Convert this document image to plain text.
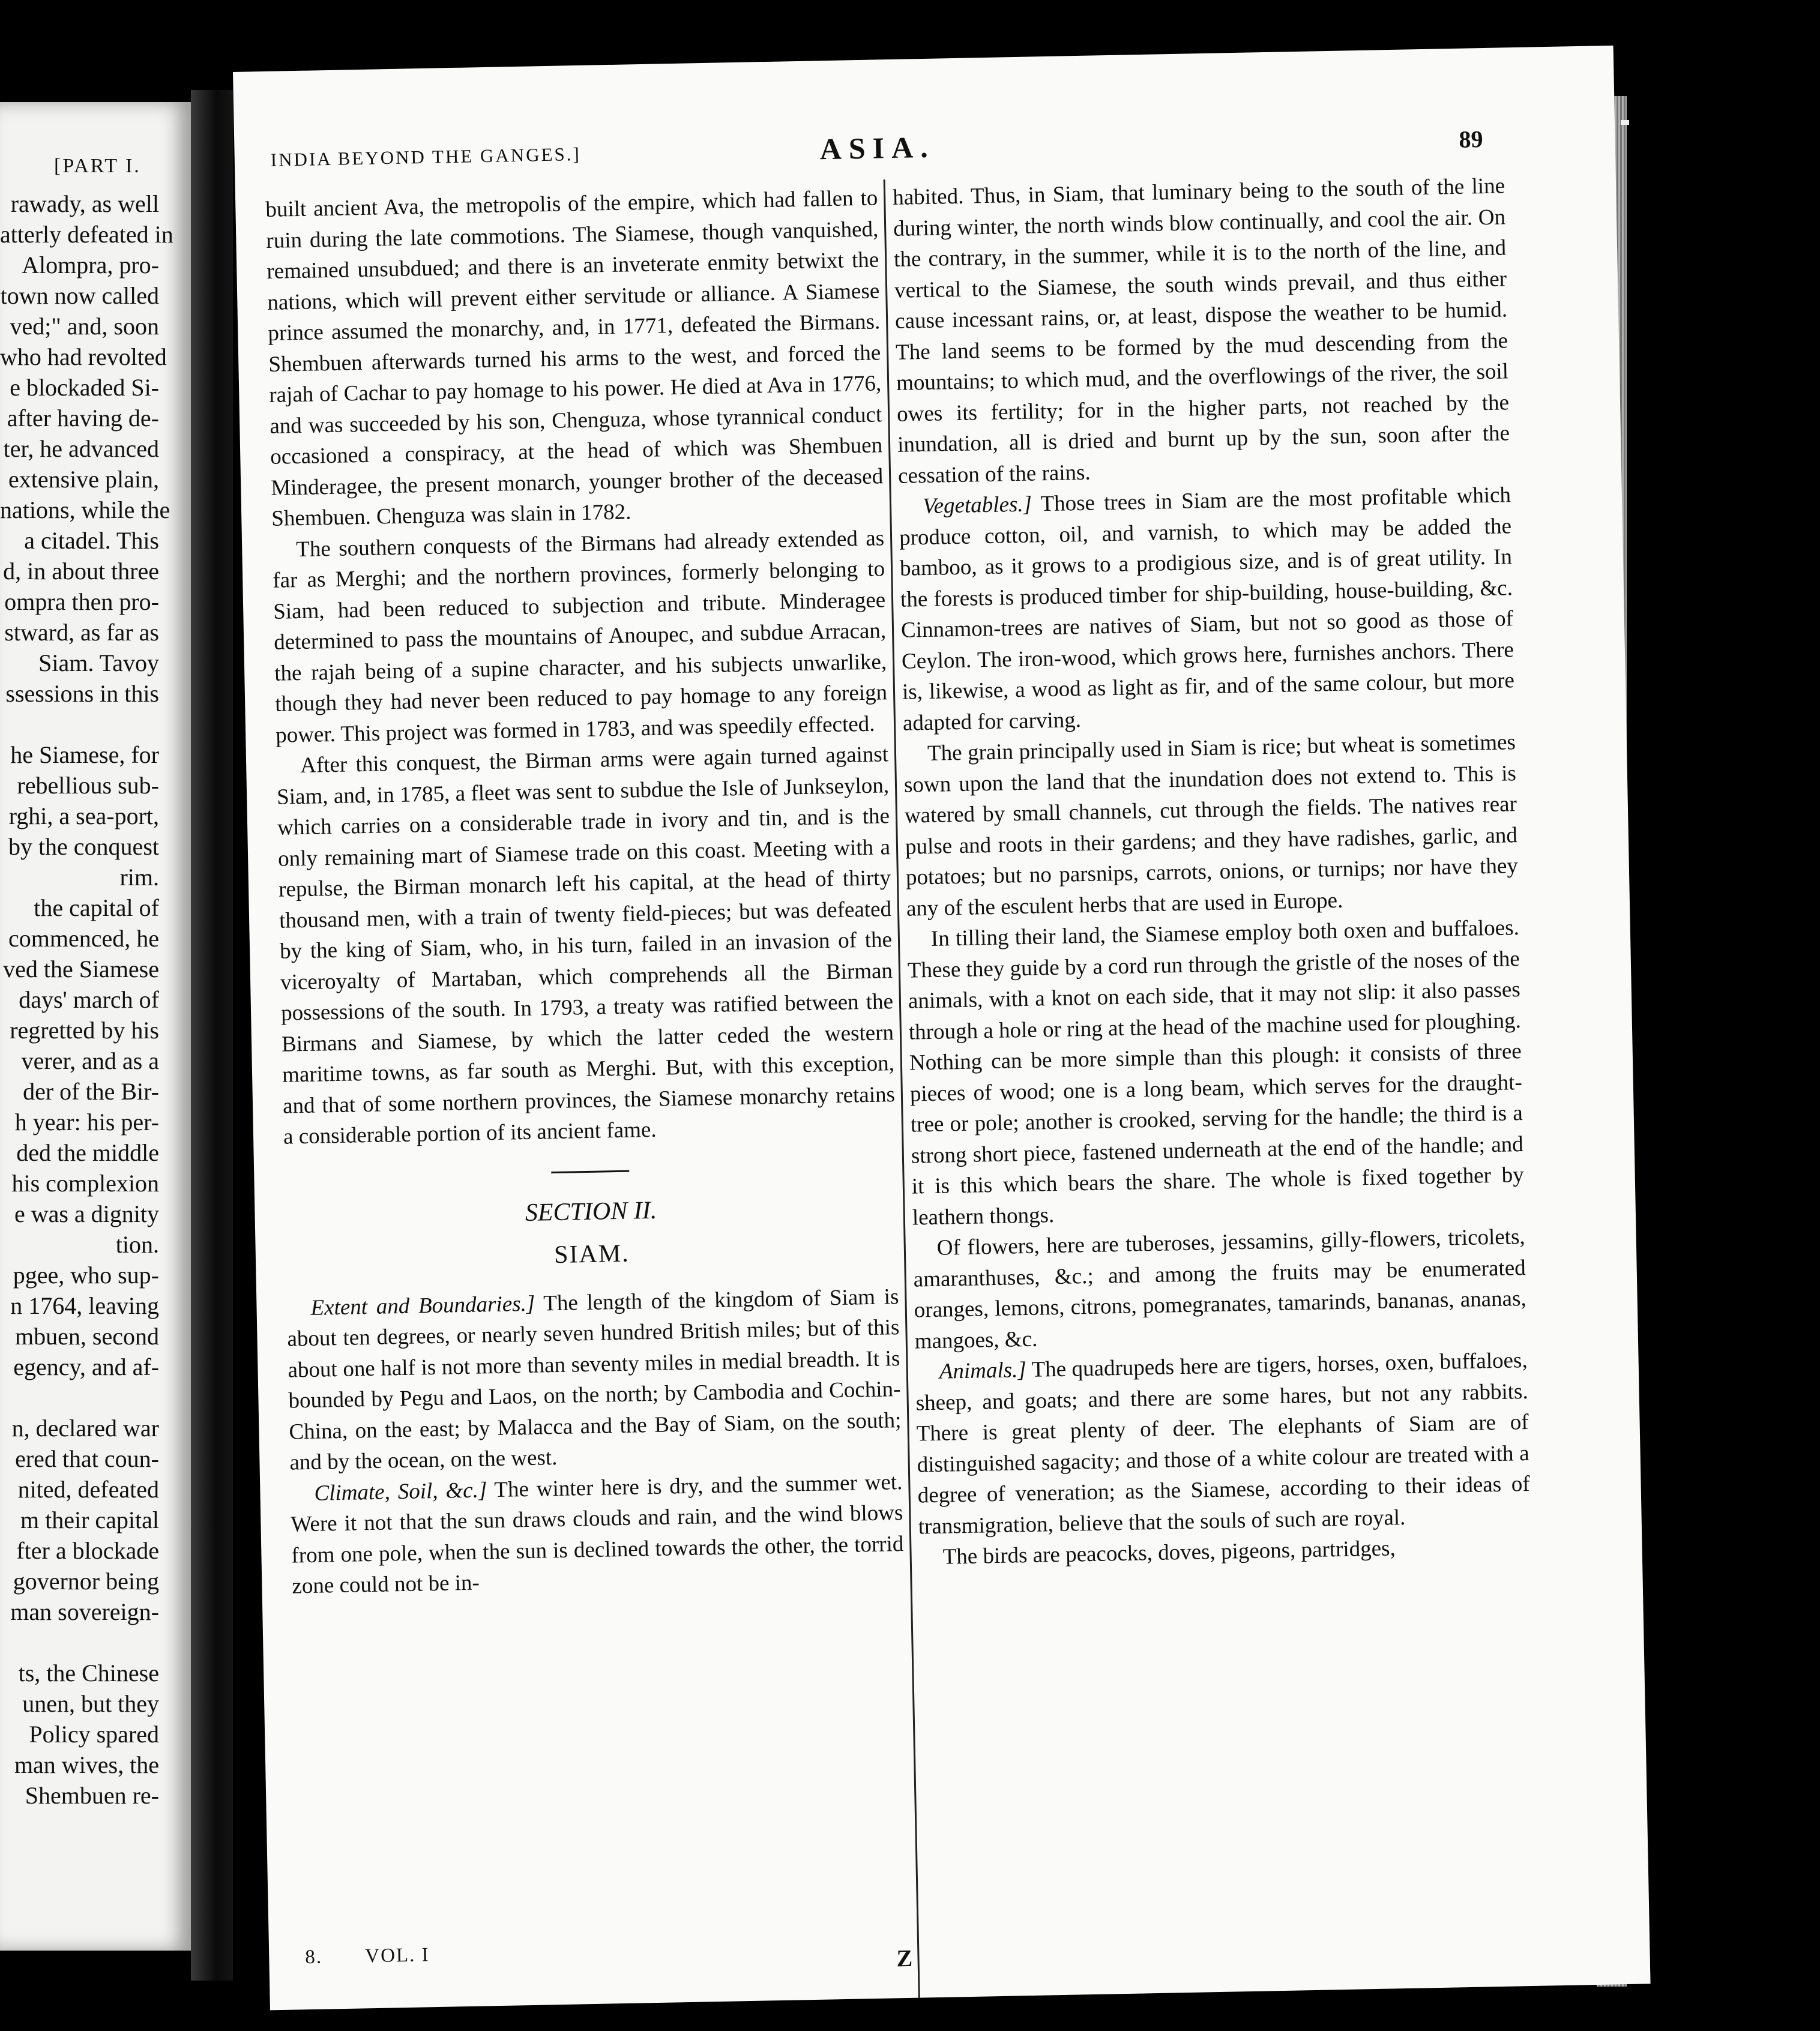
[PART I.
rawady, as well
atterly defeated in
Alompra, pro-
town now called
ved;" and, soon
who had revolted
e blockaded Si-
after having de-
ter, he advanced
extensive plain,
nations, while the
a citadel. This
d, in about three
ompra then pro-
stward, as far as
Siam. Tavoy
ssessions in this
he Siamese, for
rebellious sub-
rghi, a sea-port,
by the conquest
rim.
the capital of
commenced, he
ved the Siamese
days' march of
regretted by his
verer, and as a
der of the Bir-
h year: his per-
ded the middle
his complexion
e was a dignity
tion.
pgee, who sup-
n 1764, leaving
mbuen, second
egency, and af-
n, declared war
ered that coun-
nited, defeated
m their capital
fter a blockade
governor being
man sovereign-
ts, the Chinese
unen, but they
Policy spared
man wives, the
Shembuen re-
INDIA BEYOND THE GANGES.]	ASIA.	89

built ancient Ava, the metropolis of the empire, which had fallen to ruin during the late commotions. The Siamese, though vanquished, remained unsubdued; and there is an inveterate enmity betwixt the nations, which will prevent either servitude or alliance. A Siamese prince assumed the monarchy, and, in 1771, defeated the Birmans. Shembuen afterwards turned his arms to the west, and forced the rajah of Cachar to pay homage to his power. He died at Ava in 1776, and was succeeded by his son, Chenguza, whose tyrannical conduct occasioned a conspiracy, at the head of which was Shembuen Minderagee, the present monarch, younger brother of the deceased Shembuen. Chenguza was slain in 1782.

The southern conquests of the Birmans had already extended as far as Merghi; and the northern provinces, formerly belonging to Siam, had been reduced to subjection and tribute. Minderagee determined to pass the mountains of Anoupec, and subdue Arracan, the rajah being of a supine character, and his subjects unwarlike, though they had never been reduced to pay homage to any foreign power. This project was formed in 1783, and was speedily effected.

After this conquest, the Birman arms were again turned against Siam, and, in 1785, a fleet was sent to subdue the Isle of Junkseylon, which carries on a considerable trade in ivory and tin, and is the only remaining mart of Siamese trade on this coast. Meeting with a repulse, the Birman monarch left his capital, at the head of thirty thousand men, with a train of twenty field-pieces; but was defeated by the king of Siam, who, in his turn, failed in an invasion of the viceroyalty of Martaban, which comprehends all the Birman possessions of the south. In 1793, a treaty was ratified between the Birmans and Siamese, by which the latter ceded the western maritime towns, as far south as Merghi. But, with this exception, and that of some northern provinces, the Siamese monarchy retains a considerable portion of its ancient fame.

SECTION II.
SIAM.

Extent and Boundaries.] The length of the kingdom of Siam is about ten degrees, or nearly seven hundred British miles; but of this about one half is not more than seventy miles in medial breadth. It is bounded by Pegu and Laos, on the north; by Cambodia and Cochin-China, on the east; by Malacca and the Bay of Siam, on the south; and by the ocean, on the west.

Climate, Soil, &c.] The winter here is dry, and the summer wet. Were it not that the sun draws clouds and rain, and the wind blows from one pole, when the sun is declined towards the other, the torrid zone could not be in-

habited. Thus, in Siam, that luminary being to the south of the line during winter, the north winds blow continually, and cool the air. On the contrary, in the summer, while it is to the north of the line, and vertical to the Siamese, the south winds prevail, and thus either cause incessant rains, or, at least, dispose the weather to be humid. The land seems to be formed by the mud descending from the mountains; to which mud, and the overflowings of the river, the soil owes its fertility; for in the higher parts, not reached by the inundation, all is dried and burnt up by the sun, soon after the cessation of the rains.

Vegetables.] Those trees in Siam are the most profitable which produce cotton, oil, and varnish, to which may be added the bamboo, as it grows to a prodigious size, and is of great utility. In the forests is produced timber for ship-building, house-building, &c. Cinnamon-trees are natives of Siam, but not so good as those of Ceylon. The iron-wood, which grows here, furnishes anchors. There is, likewise, a wood as light as fir, and of the same colour, but more adapted for carving.

The grain principally used in Siam is rice; but wheat is sometimes sown upon the land that the inundation does not extend to. This is watered by small channels, cut through the fields. The natives rear pulse and roots in their gardens; and they have radishes, garlic, and potatoes; but no parsnips, carrots, onions, or turnips; nor have they any of the esculent herbs that are used in Europe.

In tilling their land, the Siamese employ both oxen and buffaloes. These they guide by a cord run through the gristle of the noses of the animals, with a knot on each side, that it may not slip: it also passes through a hole or ring at the head of the machine used for ploughing. Nothing can be more simple than this plough: it consists of three pieces of wood; one is a long beam, which serves for the draught-tree or pole; another is crooked, serving for the handle; the third is a strong short piece, fastened underneath at the end of the handle; and it is this which bears the share. The whole is fixed together by leathern thongs.

Of flowers, here are tuberoses, jessamins, gilly-flowers, tricolets, amaranthuses, &c.; and among the fruits may be enumerated oranges, lemons, citrons, pomegranates, tamarinds, bananas, ananas, mangoes, &c.

Animals.] The quadrupeds here are tigers, horses, oxen, buffaloes, sheep, and goats; and there are some hares, but not any rabbits. There is great plenty of deer. The elephants of Siam are of distinguished sagacity; and those of a white colour are treated with a degree of veneration; as the Siamese, according to their ideas of transmigration, believe that the souls of such are royal.

The birds are peacocks, doves, pigeons, partridges,

8. VOL. I	Z
